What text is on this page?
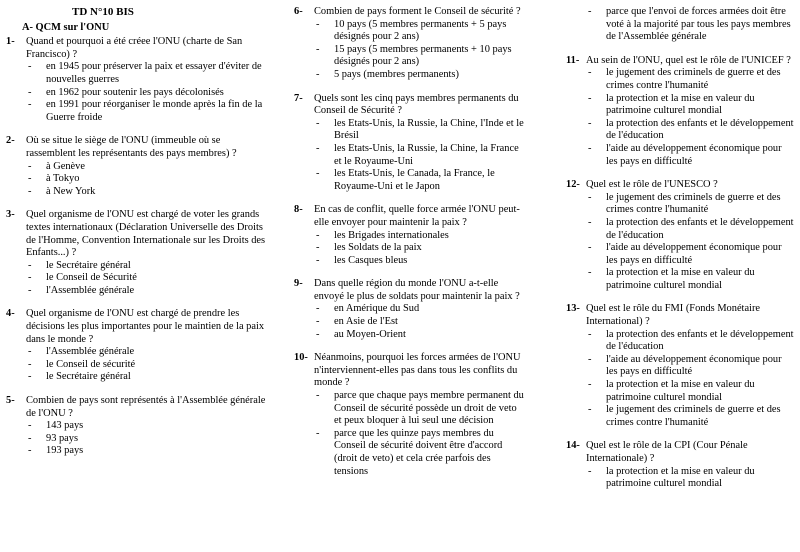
TD N°10 BIS
A- QCM sur l'ONU
1- Quand et pourquoi a été créee l'ONU (charte de San Francisco) ?
- en 1945 pour préserver la paix et essayer d'éviter de nouvelles guerres
- en 1962 pour soutenir les pays décolonisés
- en 1991 pour réorganiser le monde après la fin de la Guerre froide
2- Où se situe le siège de l'ONU (immeuble où se rassemblent les représentants des pays membres) ?
- à Genève
- à Tokyo
- à New York
3- Quel organisme de l'ONU est chargé de voter les grands textes internationaux (Déclaration Universelle des Droits de l'Homme, Convention Internationale sur les Droits des Enfants...) ?
- le Secrétaire général
- le Conseil de Sécurité
- l'Assemblée générale
4- Quel organisme de l'ONU est chargé de prendre les décisions les plus importantes pour le maintien de la paix dans le monde ?
- l'Assemblée générale
- le Conseil de sécurité
- le Secrétaire général
5- Combien de pays sont représentés à l'Assemblée générale de l'ONU ?
- 143 pays
- 93 pays
- 193 pays
6- Combien de pays forment le Conseil de sécurité ?
- 10 pays (5 membres permanents + 5 pays désignés pour 2 ans)
- 15 pays (5 membres permanents + 10 pays désignés pour 2 ans)
- 5 pays (membres permanents)
7- Quels sont les cinq pays membres permanents du Conseil de Sécurité ?
- les Etats-Unis, la Russie, la Chine, l'Inde et le Brésil
- les Etats-Unis, la Russie, la Chine, la France et le Royaume-Uni
- les Etats-Unis, le Canada, la France, le Royaume-Uni et le Japon
8- En cas de conflit, quelle force armée l'ONU peut-elle envoyer pour maintenir la paix ?
- les Brigades internationales
- les Soldats de la paix
- les Casques bleus
9- Dans quelle région du monde l'ONU a-t-elle envoyé le plus de soldats pour maintenir la paix ?
- en Amérique du Sud
- en Asie de l'Est
- au Moyen-Orient
10- Néanmoins, pourquoi les forces armées de l'ONU n'interviennent-elles pas dans tous les conflits du monde ?
- parce que chaque pays membre permanent du Conseil de sécurité possède un droit de veto et peux bloquer à lui seul une décision
- parce que les quinze pays membres du Conseil de sécurité doivent être d'accord (droit de veto) et cela crée parfois des tensions
- parce que l'envoi de forces armées doit être voté à la majorité par tous les pays membres de l'Assemblée générale
11- Au sein de l'ONU, quel est le rôle de l'UNICEF ?
- le jugement des criminels de guerre et des crimes contre l'humanité
- la protection et la mise en valeur du patrimoine culturel mondial
- la protection des enfants et le développement de l'éducation
- l'aide au développement économique pour les pays en difficulté
12- Quel est le rôle de l'UNESCO ?
- le jugement des criminels de guerre et des crimes contre l'humanité
- la protection des enfants et le développement de l'éducation
- l'aide au développement économique pour les pays en difficulté
- la protection et la mise en valeur du patrimoine culturel mondial
13- Quel est le rôle du FMI (Fonds Monétaire International) ?
- la protection des enfants et le développement de l'éducation
- l'aide au développement économique pour les pays en difficulté
- la protection et la mise en valeur du patrimoine culturel mondial
- le jugement des criminels de guerre et des crimes contre l'humanité
14- Quel est le rôle de la CPI (Cour Pénale Internationale) ?
- la protection et la mise en valeur du patrimoine culturel mondial
